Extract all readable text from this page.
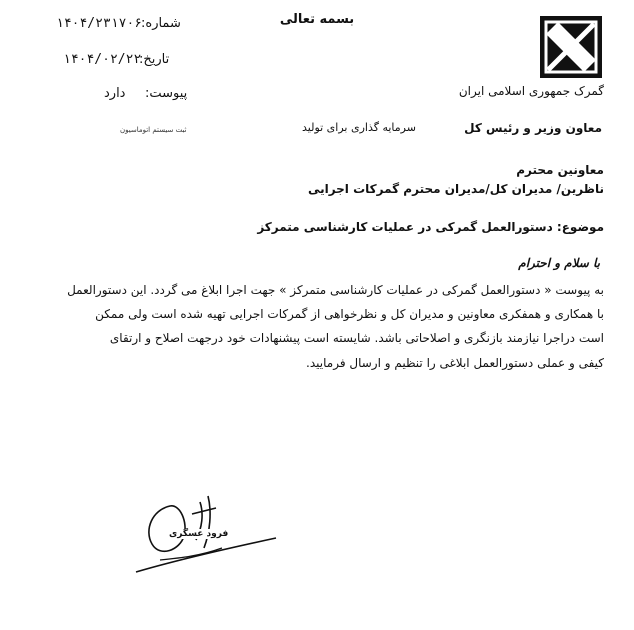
بسمه تعالی
گمرک جمهوری اسلامی ایران
معاون وزیر و رئیس کل
سرمایه گذاری برای تولید
ثبت سیستم اتوماسیون
شماره:
۱۴۰۴/۲۳۱۷۰۶
تاریخ:
۱۴۰۴/۰۲/۲۲
پیوست:
دارد
معاونین محترم
ناظرین/ مدیران کل/مدیران محترم گمرکات اجرایی
موضوع: دستورالعمل گمرکی در عملیات کارشناسی متمرکز
با سلام و احترام
به پیوست « دستورالعمل گمرکی در عملیات کارشناسی متمرکز » جهت اجرا ابلاغ می گردد. این دستورالعمل
با همکاری و همفکری معاونین و مدیران کل و نظرخواهی از گمرکات اجرایی تهیه شده است ولی ممکن
است دراجرا نیازمند بازنگری و اصلاحاتی باشد. شایسته است پیشنهادات خود درجهت اصلاح و ارتقای
کیفی و عملی دستورالعمل ابلاغی را تنظیم و ارسال فرمایید.
فرود عسگری
